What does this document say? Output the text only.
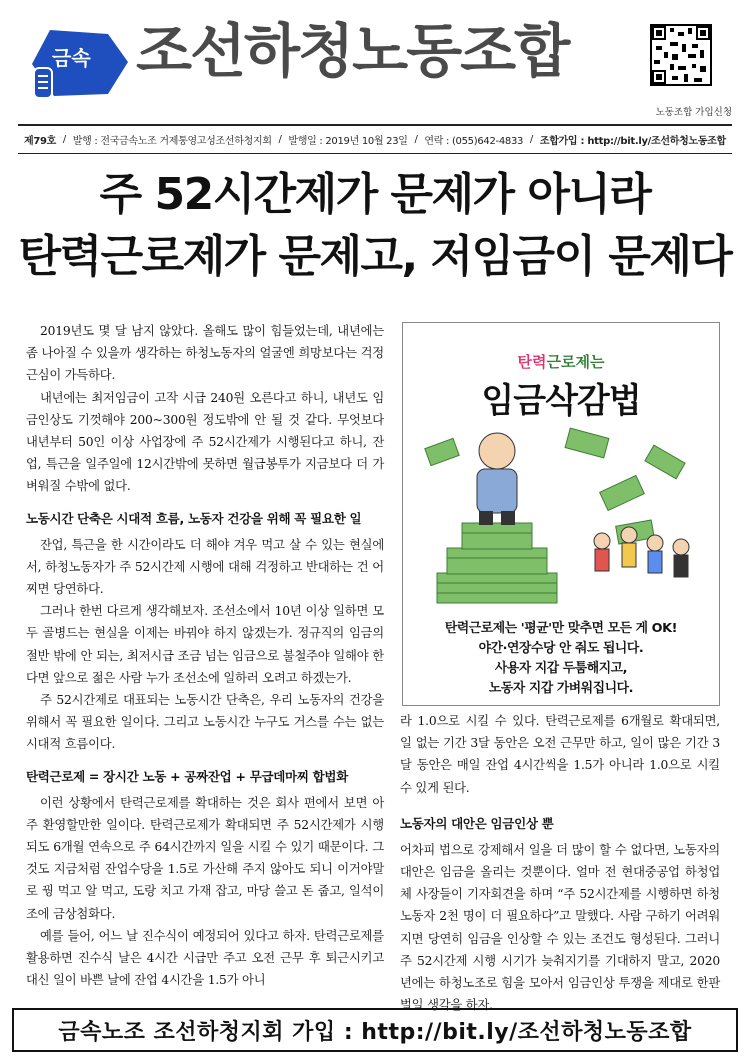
금속 조선하청노동조합
노동조합 가입신청
제79호 / 발행 : 전국금속노조 거제통영고성조선하청지회 / 발행일 : 2019년 10월 23일 / 연락 : (055)642-4833 / 조합가입 : http://bit.ly/조선하청노동조합
주 52시간제가 문제가 아니라
탄력근로제가 문제고, 저임금이 문제다

2019년도 몇 달 남지 않았다. 올해도 많이 힘들었는데, 내년에는 좀 나아질 수 있을까 생각하는 하청노동자의 얼굴엔 희망보다는 걱정근심이 가득하다.

내년에는 최저임금이 고작 시급 240원 오른다고 하니, 내년도 임금인상도 기껏해야 200~300원 정도밖에 안 될 것 같다. 무엇보다 내년부터 50인 이상 사업장에 주 52시간제가 시행된다고 하니, 잔업, 특근을 일주일에 12시간밖에 못하면 월급봉투가 지금보다 더 가벼워질 수밖에 없다.

노동시간 단축은 시대적 흐름, 노동자 건강을 위해 꼭 필요한 일

잔업, 특근을 한 시간이라도 더 해야 겨우 먹고 살 수 있는 현실에서, 하청노동자가 주 52시간제 시행에 대해 걱정하고 반대하는 건 어찌면 당연하다.

그러나 한번 다르게 생각해보자. 조선소에서 10년 이상 일하면 모두 골병드는 현실을 이제는 바꿔야 하지 않겠는가. 정규직의 임금의 절반 밖에 안 되는, 최저시급 조금 넘는 임금으로 불철주야 일해야 한다면 앞으로 젊은 사람 누가 조선소에 일하러 오려고 하겠는가.

주 52시간제로 대표되는 노동시간 단축은, 우리 노동자의 건강을 위해서 꼭 필요한 일이다. 그리고 노동시간 누구도 거스를 수는 없는 시대적 흐름이다.

탄력근로제 = 장시간 노동 + 공짜잔업 + 무급데마찌 합법화

이런 상황에서 탄력근로제를 확대하는 것은 회사 편에서 보면 아주 환영할만한 일이다. 탄력근로제가 확대되면 주 52시간제가 시행되도 6개월 연속으로 주 64시간까지 일을 시킬 수 있기 때문이다. 그것도 지금처럼 잔업수당을 1.5로 가산해 주지 않아도 되니 이거야말로 꿩 먹고 알 먹고, 도랑 치고 가재 잡고, 마당 쓸고 돈 줍고, 일석이조에 금상첨화다.

예를 들어, 어느 날 진수식이 예정되어 있다고 하자. 탄력근로제를 활용하면 진수식 날은 4시간 시급만 주고 오전 근무 후 퇴근시키고 대신 일이 바쁜 날에 잔업 4시간을 1.5가 아니

탄력근로제는
임금삭감법
탄력근로제는 '평균'만 맞추면 모든 게 OK!
야간·연장수당 안 줘도 됩니다.
사용자 지갑 두툼해지고,
노동자 지갑 가벼워집니다.

라 1.0으로 시킬 수 있다. 탄력근로제를 6개월로 확대되면, 일 없는 기간 3달 동안은 오전 근무만 하고, 일이 많은 기간 3달 동안은 매일 잔업 4시간씩을 1.5가 아니라 1.0으로 시킬 수 있게 된다.

노동자의 대안은 임금인상 뿐

어차피 법으로 강제해서 일을 더 많이 할 수 없다면, 노동자의 대안은 임금을 올리는 것뿐이다. 얼마 전 현대중공업 하청업체 사장들이 기자회견을 하며 “주 52시간제를 시행하면 하청노동자 2천 명이 더 필요하다”고 말했다. 사람 구하기 어려워지면 당연히 임금을 인상할 수 있는 조건도 형성된다. 그러니 주 52시간제 시행 시기가 늦춰지기를 기대하지 말고, 2020년에는 하청노조로 힘을 모아서 임금인상 투쟁을 제대로 한판 벌일 생각을 하자.

금속노조 조선하청지회 가입 : http://bit.ly/조선하청노동조합
